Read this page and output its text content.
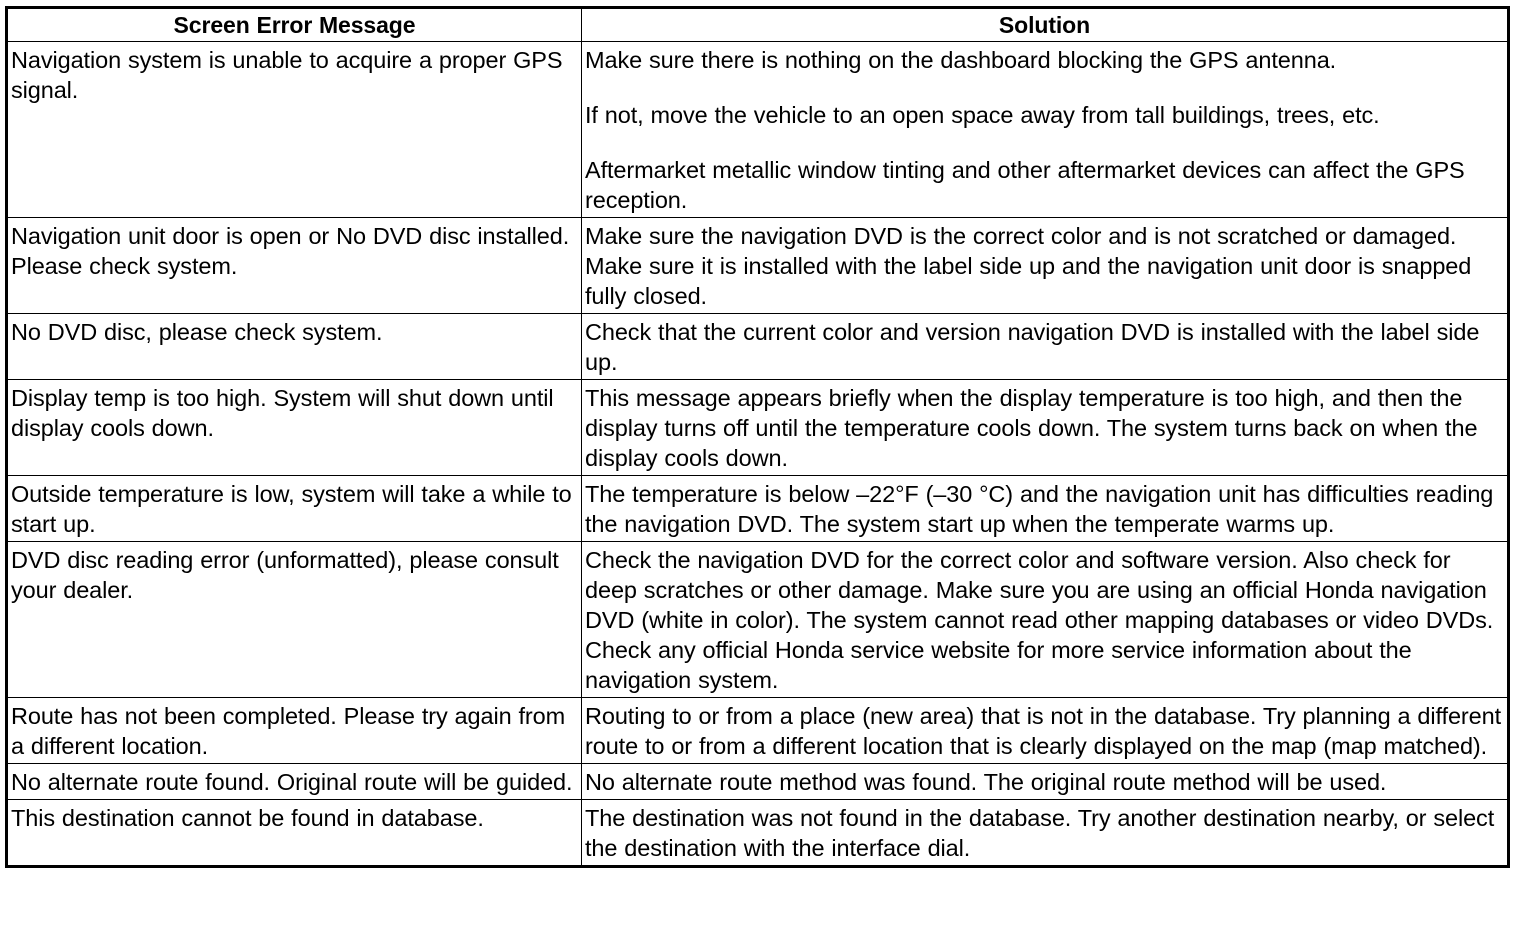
Screen Error Message	Solution
Navigation system is unable to acquire a proper GPS signal.	Make sure there is nothing on the dashboard blocking the GPS antenna.
If not, move the vehicle to an open space away from tall buildings, trees, etc.
Aftermarket metallic window tinting and other aftermarket devices can affect the GPS reception.

Navigation unit door is open or No DVD disc installed. Please check system.	Make sure the navigation DVD is the correct color and is not scratched or damaged. Make sure it is installed with the label side up and the navigation unit door is snapped fully closed.

No DVD disc, please check system.	Check that the current color and version navigation DVD is installed with the label side up.

Display temp is too high. System will shut down until display cools down.	This message appears briefly when the display temperature is too high, and then the display turns off until the temperature cools down. The system turns back on when the display cools down.

Outside temperature is low, system will take a while to start up.	The temperature is below –22°F (–30 °C) and the navigation unit has difficulties reading the navigation DVD. The system start up when the temperate warms up.

DVD disc reading error (unformatted), please consult your dealer.	Check the navigation DVD for the correct color and software version. Also check for deep scratches or other damage. Make sure you are using an official Honda navigation DVD (white in color). The system cannot read other mapping databases or video DVDs. Check any official Honda service website for more service information about the navigation system.

Route has not been completed. Please try again from a different location.	Routing to or from a place (new area) that is not in the database. Try planning a different route to or from a different location that is clearly displayed on the map (map matched).

No alternate route found. Original route will be guided.	No alternate route method was found. The original route method will be used.

This destination cannot be found in database.	The destination was not found in the database. Try another destination nearby, or select the destination with the interface dial.
